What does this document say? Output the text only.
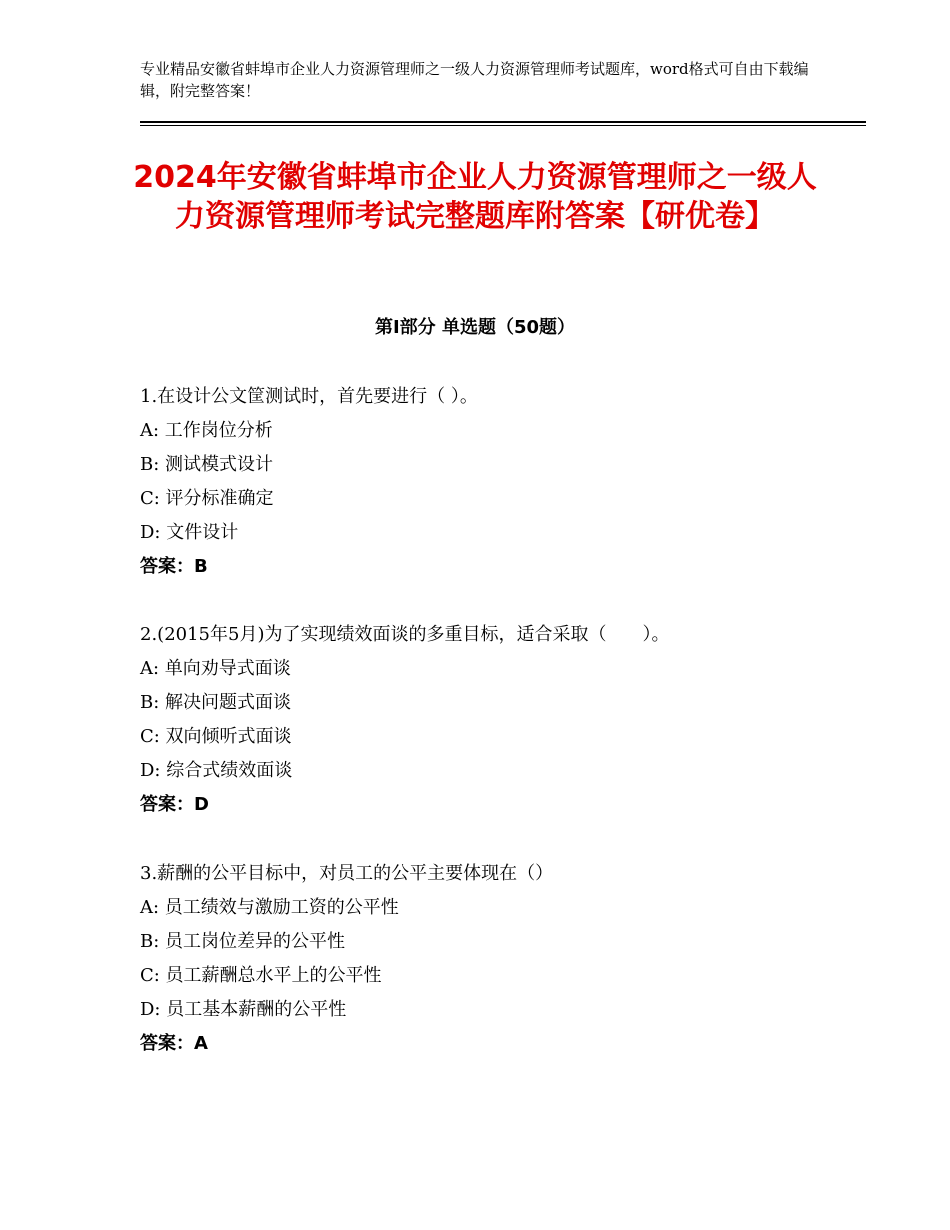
专业精品安徽省蚌埠市企业人力资源管理师之一级人力资源管理师考试题库，word格式可自由下载编辑，附完整答案！
2024年安徽省蚌埠市企业人力资源管理师之一级人力资源管理师考试完整题库附答案【研优卷】
第Ⅰ部分 单选题（50题）
1.在设计公文筐测试时，首先要进行（ ）。
A: 工作岗位分析
B: 测试模式设计
C: 评分标准确定
D: 文件设计
答案：B
2.(2015年5月)为了实现绩效面谈的多重目标，适合采取（　　）。
A: 单向劝导式面谈
B: 解决问题式面谈
C: 双向倾听式面谈
D: 综合式绩效面谈
答案：D
3.薪酬的公平目标中，对员工的公平主要体现在（）
A: 员工绩效与激励工资的公平性
B: 员工岗位差异的公平性
C: 员工薪酬总水平上的公平性
D: 员工基本薪酬的公平性
答案：A
